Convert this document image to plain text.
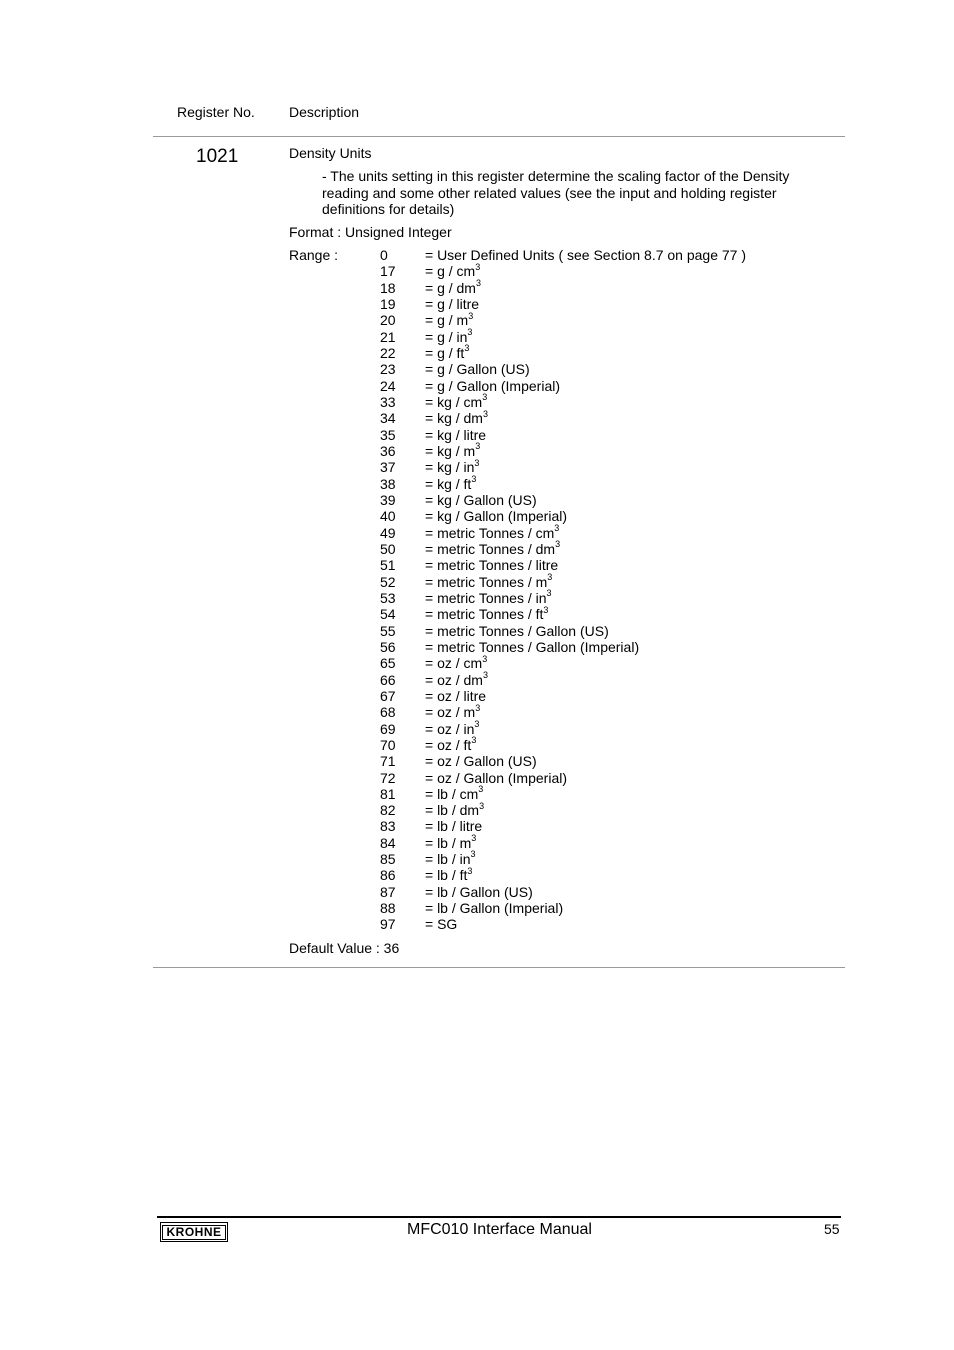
Register No. Description
1021	Density Units
- The units setting in this register determine the scaling factor of the Density reading and some other related values (see the input and holding register definitions for details)
Format : Unsigned Integer
Range :	0	= User Defined Units ( see Section 8.7 on page 77 )
$17 = g / cm^3$
$18 = g / dm^3$
19 = g / litre
$20 = g / m^3$
$21 = g / in^3$
$22 = g / ft^3$
23 = g / Gallon (US)
24 = g / Gallon (Imperial)
33 = kg / $cm^3$
34 = kg / $dm^3$
35 = kg / litre
36 = kg / $m^3$
37 = kg / $in^3$
38 = kg / $ft^3$
39 = kg / Gallon (US)
40 = kg / Gallon (Imperial)
49 = metric Tonnes / $cm^3$
50 = metric Tonnes / $dm^3$
51 = metric Tonnes / litre
52 = metric Tonnes / $m^3$
53 = metric Tonnes / $in^3$
54 = metric Tonnes / $ft^3$
55 = metric Tonnes / Gallon (US)
56 = metric Tonnes / Gallon (Imperial)
65 = oz / $cm^3$
66 = oz / $dm^3$
67 = oz / litre
68 = oz / $m^3$
69 = oz / $in^3$
70 = oz / $ft^3$
71 = oz / Gallon (US)
72 = oz / Gallon (Imperial)
81 = lb / $cm^3$
82 = lb / $dm^3$
83 = lb / litre
84 = lb / $m^3$
85 = lb / $in^3$
86 = lb / $ft^3$
87 = lb / Gallon (US)
88 = lb / Gallon (Imperial)
97 = SG
Default Value : 36
KROHNE	MFC010 Interface Manual	55
